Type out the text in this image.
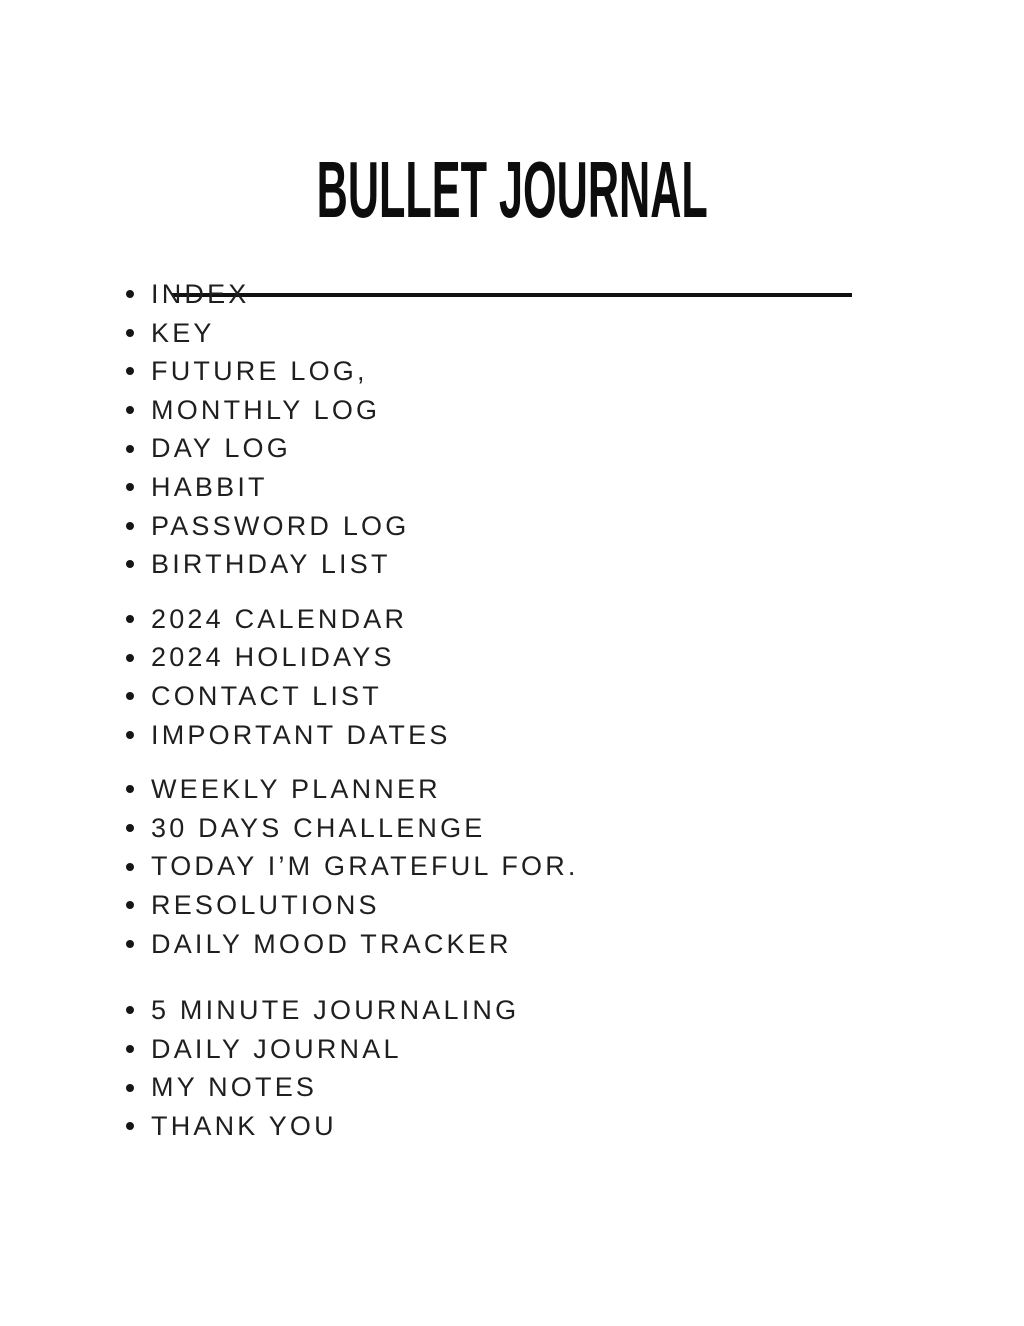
BULLET JOURNAL
INDEX
KEY
FUTURE LOG,
MONTHLY LOG
DAY LOG
HABBIT
PASSWORD LOG
BIRTHDAY LIST
2024 CALENDAR
2024 HOLIDAYS
CONTACT LIST
IMPORTANT DATES
WEEKLY PLANNER
30 DAYS CHALLENGE
TODAY I’M GRATEFUL FOR.
RESOLUTIONS
DAILY MOOD TRACKER
5 MINUTE JOURNALING
DAILY JOURNAL
MY NOTES
THANK YOU
